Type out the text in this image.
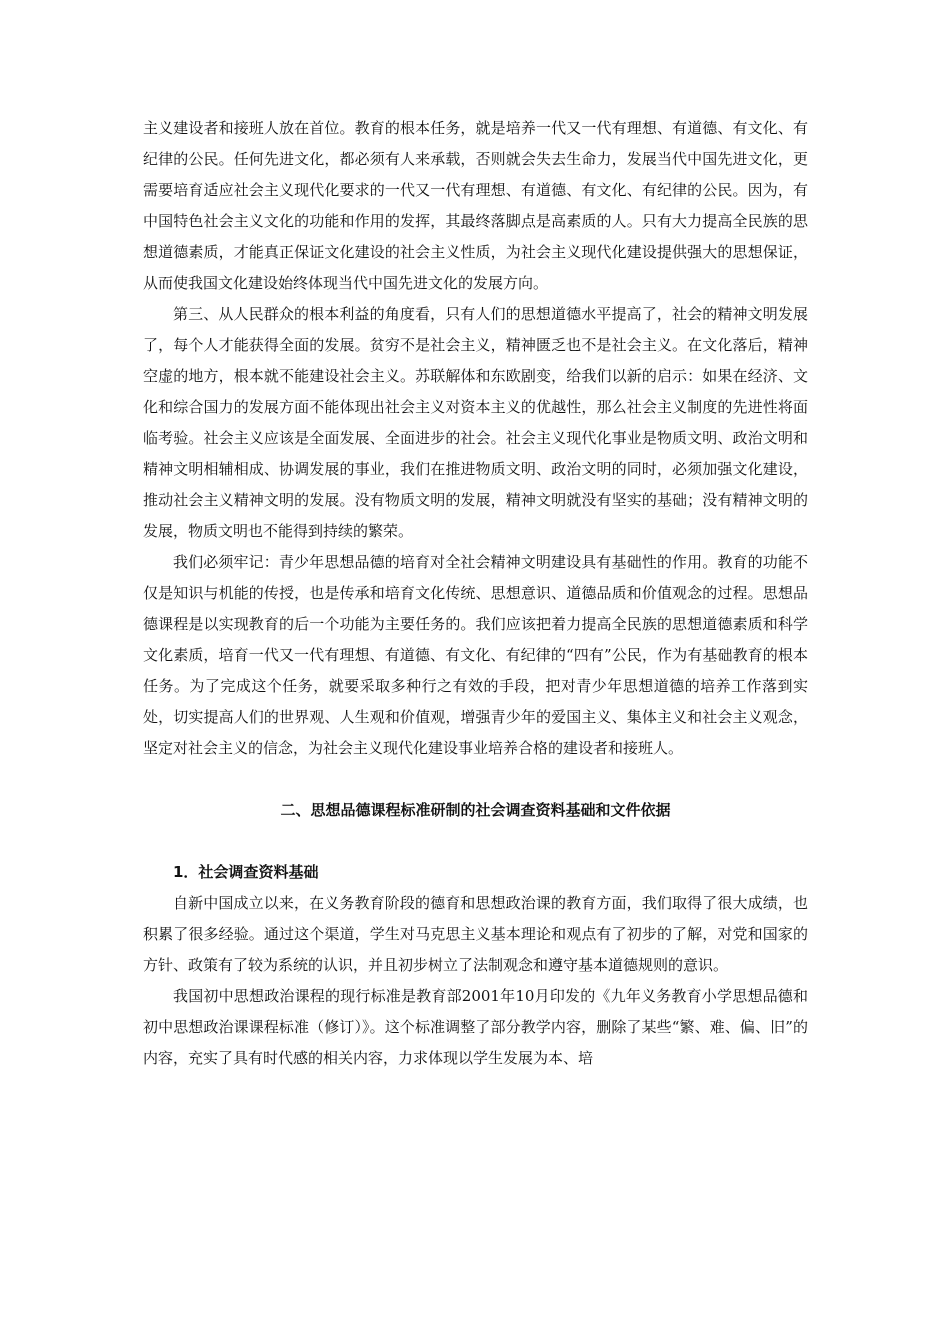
主义建设者和接班人放在首位。教育的根本任务，就是培养一代又一代有理想、有道德、有文化、有纪律的公民。任何先进文化，都必须有人来承载，否则就会失去生命力，发展当代中国先进文化，更需要培育适应社会主义现代化要求的一代又一代有理想、有道德、有文化、有纪律的公民。因为，有中国特色社会主义文化的功能和作用的发挥，其最终落脚点是高素质的人。只有大力提高全民族的思想道德素质，才能真正保证文化建设的社会主义性质，为社会主义现代化建设提供强大的思想保证，从而使我国文化建设始终体现当代中国先进文化的发展方向。

第三、从人民群众的根本利益的角度看，只有人们的思想道德水平提高了，社会的精神文明发展了，每个人才能获得全面的发展。贫穷不是社会主义，精神匮乏也不是社会主义。在文化落后，精神空虚的地方，根本就不能建设社会主义。苏联解体和东欧剧变，给我们以新的启示：如果在经济、文化和综合国力的发展方面不能体现出社会主义对资本主义的优越性，那么社会主义制度的先进性将面临考验。社会主义应该是全面发展、全面进步的社会。社会主义现代化事业是物质文明、政治文明和精神文明相辅相成、协调发展的事业，我们在推进物质文明、政治文明的同时，必须加强文化建设，推动社会主义精神文明的发展。没有物质文明的发展，精神文明就没有坚实的基础；没有精神文明的发展，物质文明也不能得到持续的繁荣。

我们必须牢记：青少年思想品德的培育对全社会精神文明建设具有基础性的作用。教育的功能不仅是知识与机能的传授，也是传承和培育文化传统、思想意识、道德品质和价值观念的过程。思想品德课程是以实现教育的后一个功能为主要任务的。我们应该把着力提高全民族的思想道德素质和科学文化素质，培育一代又一代有理想、有道德、有文化、有纪律的“四有”公民，作为有基础教育的根本任务。为了完成这个任务，就要采取多种行之有效的手段，把对青少年思想道德的培养工作落到实处，切实提高人们的世界观、人生观和价值观，增强青少年的爱国主义、集体主义和社会主义观念，坚定对社会主义的信念，为社会主义现代化建设事业培养合格的建设者和接班人。

二、思想品德课程标准研制的社会调查资料基础和文件依据
1．社会调查资料基础

自新中国成立以来，在义务教育阶段的德育和思想政治课的教育方面，我们取得了很大成绩，也积累了很多经验。通过这个渠道，学生对马克思主义基本理论和观点有了初步的了解，对党和国家的方针、政策有了较为系统的认识，并且初步树立了法制观念和遵守基本道德规则的意识。

我国初中思想政治课程的现行标准是教育部2001年10月印发的《九年义务教育小学思想品德和初中思想政治课课程标准（修订）》。这个标准调整了部分教学内容，删除了某些“繁、难、偏、旧”的内容，充实了具有时代感的相关内容，力求体现以学生发展为本、培
